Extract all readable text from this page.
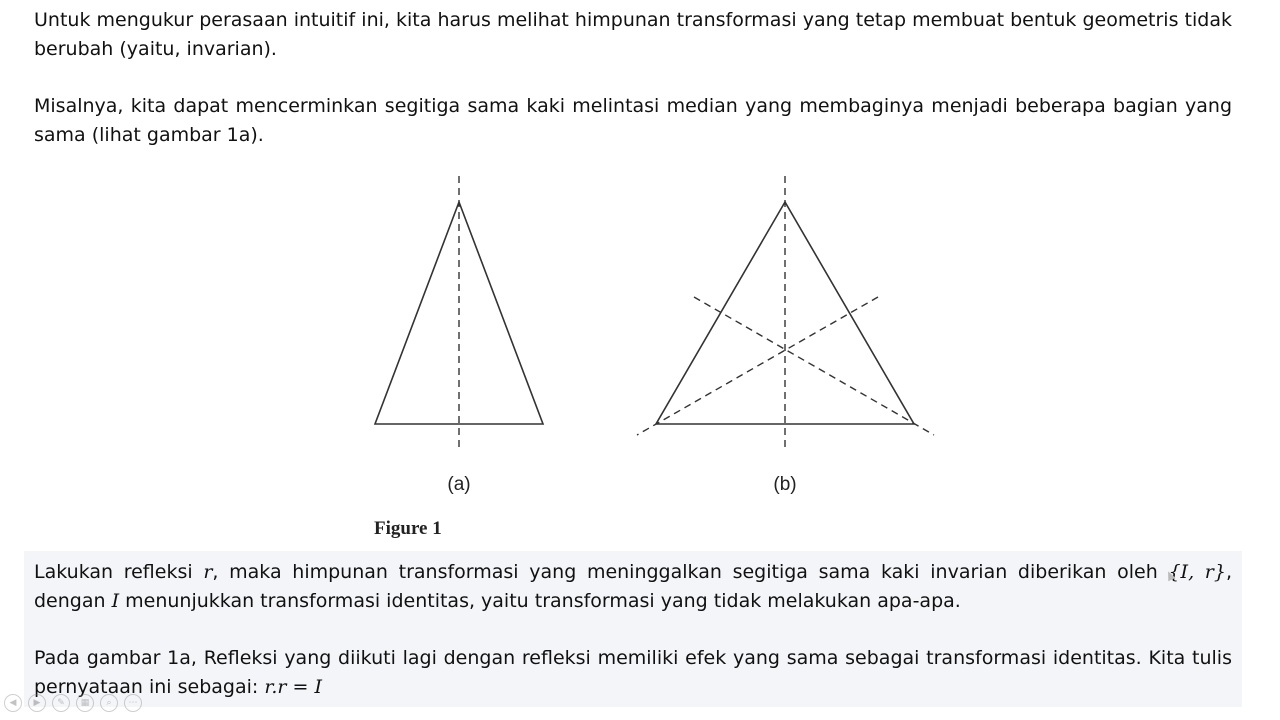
Untuk mengukur perasaan intuitif ini, kita harus melihat himpunan transformasi yang tetap membuat bentuk geometris tidak berubah (yaitu, invarian).

Misalnya, kita dapat mencerminkan segitiga sama kaki melintasi median yang membaginya menjadi beberapa bagian yang sama (lihat gambar 1a).

(a)	(b)
Figure 1

Lakukan refleksi r, maka himpunan transformasi yang meninggalkan segitiga sama kaki invarian diberikan oleh {I, r}, dengan I menunjukkan transformasi identitas, yaitu transformasi yang tidak melakukan apa-apa.

Pada gambar 1a, Refleksi yang diikuti lagi dengan refleksi memiliki efek yang sama sebagai transformasi identitas. Kita tulis pernyataan ini sebagai: r.r = I

◀	▶	✎	▦	⌕	⋯
